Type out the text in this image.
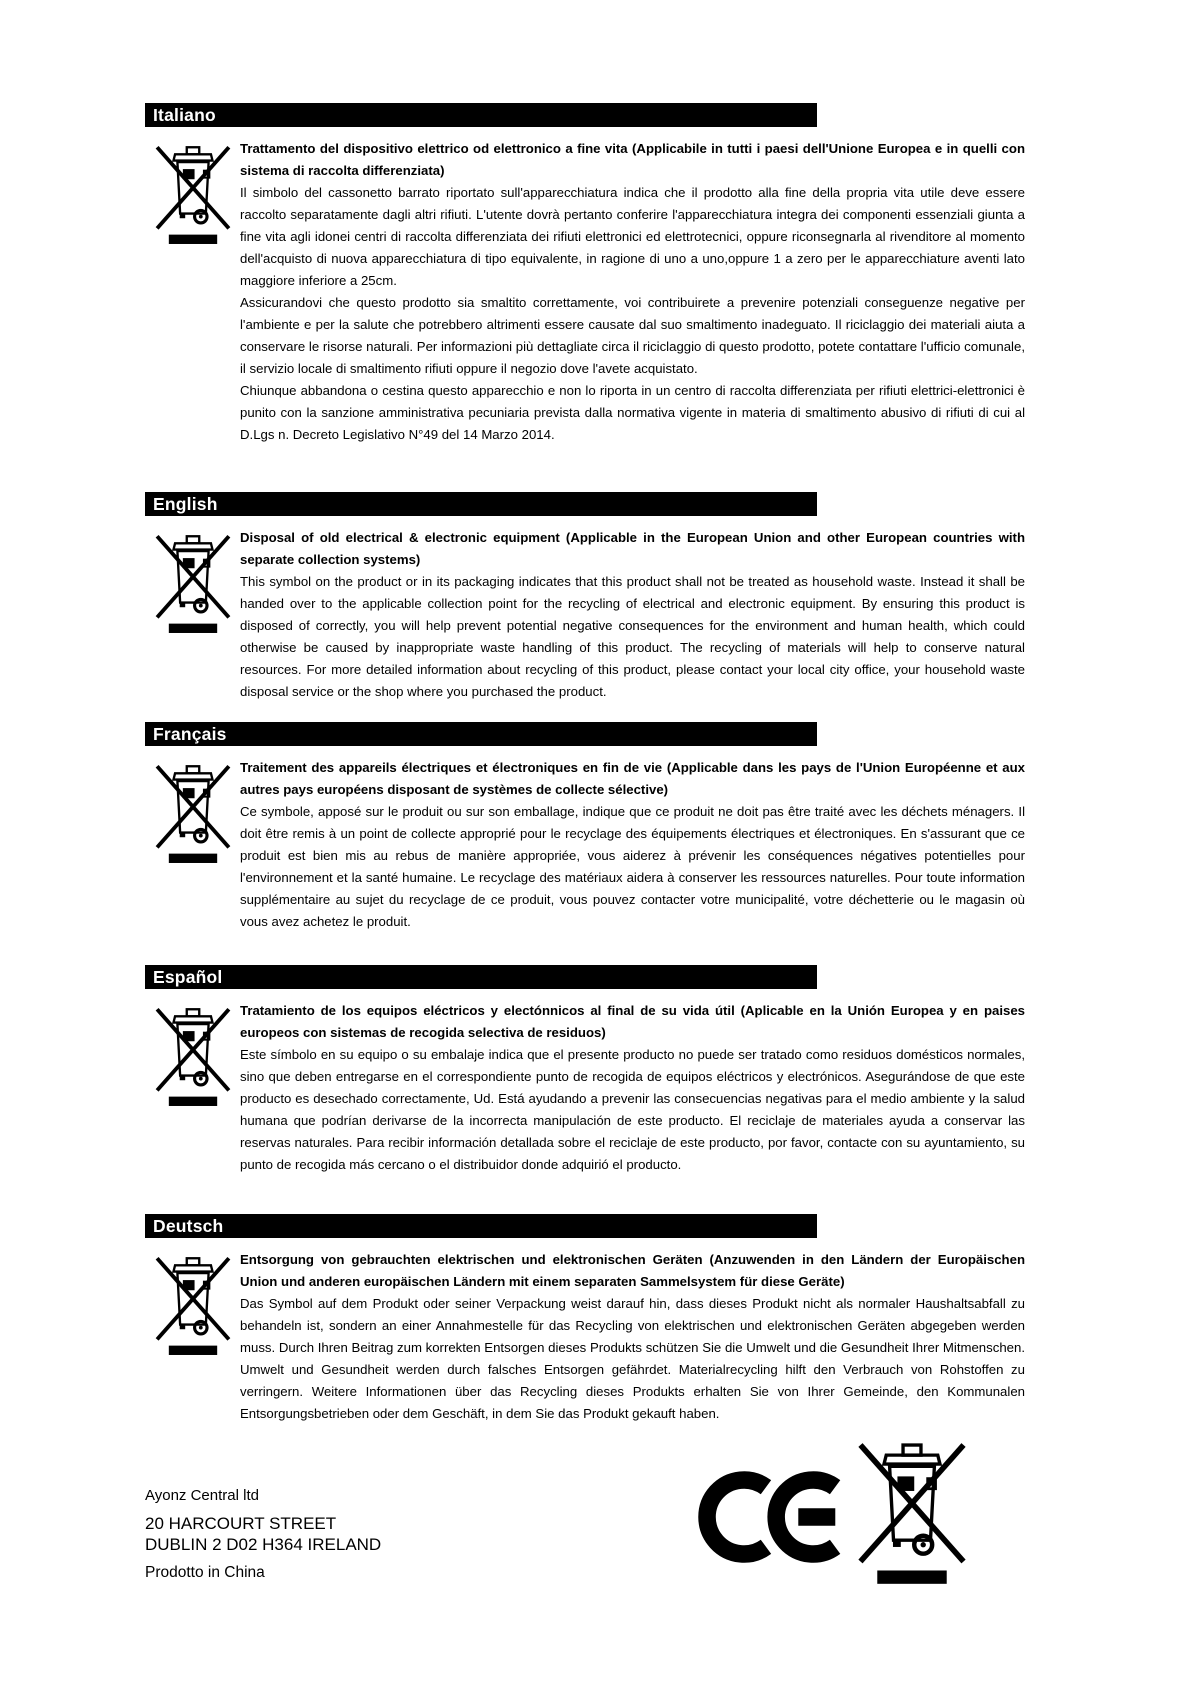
Italiano

Trattamento del dispositivo elettrico od elettronico a fine vita (Applicabile in tutti i paesi dell'Unione Europea e in quelli con sistema di raccolta differenziata)

Il simbolo del cassonetto barrato riportato sull'apparecchiatura indica che il prodotto alla fine della propria vita utile deve essere raccolto separatamente dagli altri rifiuti. L'utente dovrà pertanto conferire l'apparecchiatura integra dei componenti essenziali giunta a fine vita agli idonei centri di raccolta differenziata dei rifiuti elettronici ed elettrotecnici, oppure riconsegnarla al rivenditore al momento dell'acquisto di nuova apparecchiatura di tipo equivalente, in ragione di uno a uno,oppure 1 a zero per le apparecchiature aventi lato maggiore inferiore a 25cm.

Assicurandovi che questo prodotto sia smaltito correttamente, voi contribuirete a prevenire potenziali conseguenze negative per l'ambiente e per la salute che potrebbero altrimenti essere causate dal suo smaltimento inadeguato. Il riciclaggio dei materiali aiuta a conservare le risorse naturali. Per informazioni più dettagliate circa il riciclaggio di questo prodotto, potete contattare l'ufficio comunale, il servizio locale di smaltimento rifiuti oppure il negozio dove l'avete acquistato.

Chiunque abbandona o cestina questo apparecchio e non lo riporta in un centro di raccolta differenziata per rifiuti elettrici-elettronici è punito con la sanzione amministrativa pecuniaria prevista dalla normativa vigente in materia di smaltimento abusivo di rifiuti di cui al D.Lgs n. Decreto Legislativo N°49 del 14 Marzo 2014.

English

Disposal of old electrical & electronic equipment (Applicable in the European Union and other European countries with separate collection systems)

This symbol on the product or in its packaging indicates that this product shall not be treated as household waste. Instead it shall be handed over to the applicable collection point for the recycling of electrical and electronic equipment. By ensuring this product is disposed of correctly, you will help prevent potential negative consequences for the environment and human health, which could otherwise be caused by inappropriate waste handling of this product. The recycling of materials will help to conserve natural resources. For more detailed information about recycling of this product, please contact your local city office, your household waste disposal service or the shop where you purchased the product.

Français

Traitement des appareils électriques et électroniques en fin de vie (Applicable dans les pays de l'Union Européenne et aux autres pays européens disposant de systèmes de collecte sélective)

Ce symbole, apposé sur le produit ou sur son emballage, indique que ce produit ne doit pas être traité avec les déchets ménagers. Il doit être remis à un point de collecte approprié pour le recyclage des équipements électriques et électroniques. En s'assurant que ce produit est bien mis au rebus de manière appropriée, vous aiderez à prévenir les conséquences négatives potentielles pour l'environnement et la santé humaine. Le recyclage des matériaux aidera à conserver les ressources naturelles. Pour toute information supplémentaire au sujet du recyclage de ce produit, vous pouvez contacter votre municipalité, votre déchetterie ou le magasin où vous avez achetez le produit.

Español

Tratamiento de los equipos eléctricos y electónnicos al final de su vida útil (Aplicable en la Unión Europea y en paises europeos con sistemas de recogida selectiva de residuos)

Este símbolo en su equipo o su embalaje indica que el presente producto no puede ser tratado como residuos domésticos normales, sino que deben entregarse en el correspondiente punto de recogida de equipos eléctricos y electrónicos. Asegurándose de que este producto es desechado correctamente, Ud. Está ayudando a prevenir las consecuencias negativas para el medio ambiente y la salud humana que podrían derivarse de la incorrecta manipulación de este producto. El reciclaje de materiales ayuda a conservar las reservas naturales. Para recibir información detallada sobre el reciclaje de este producto, por favor, contacte con su ayuntamiento, su punto de recogida más cercano o el distribuidor donde adquirió el producto.

Deutsch

Entsorgung von gebrauchten elektrischen und elektronischen Geräten (Anzuwenden in den Ländern der Europäischen Union und anderen europäischen Ländern mit einem separaten Sammelsystem für diese Geräte)

Das Symbol auf dem Produkt oder seiner Verpackung weist darauf hin, dass dieses Produkt nicht als normaler Haushaltsabfall zu behandeln ist, sondern an einer Annahmestelle für das Recycling von elektrischen und elektronischen Geräten abgegeben werden muss. Durch Ihren Beitrag zum korrekten Entsorgen dieses Produkts schützen Sie die Umwelt und die Gesundheit Ihrer Mitmenschen. Umwelt und Gesundheit werden durch falsches Entsorgen gefährdet. Materialrecycling hilft den Verbrauch von Rohstoffen zu verringern. Weitere Informationen über das Recycling dieses Produkts erhalten Sie von Ihrer Gemeinde, den Kommunalen Entsorgungsbetrieben oder dem Geschäft, in dem Sie das Produkt gekauft haben.

Ayonz Central ltd

20 HARCOURT STREET

DUBLIN 2 D02 H364 IRELAND

Prodotto in China
